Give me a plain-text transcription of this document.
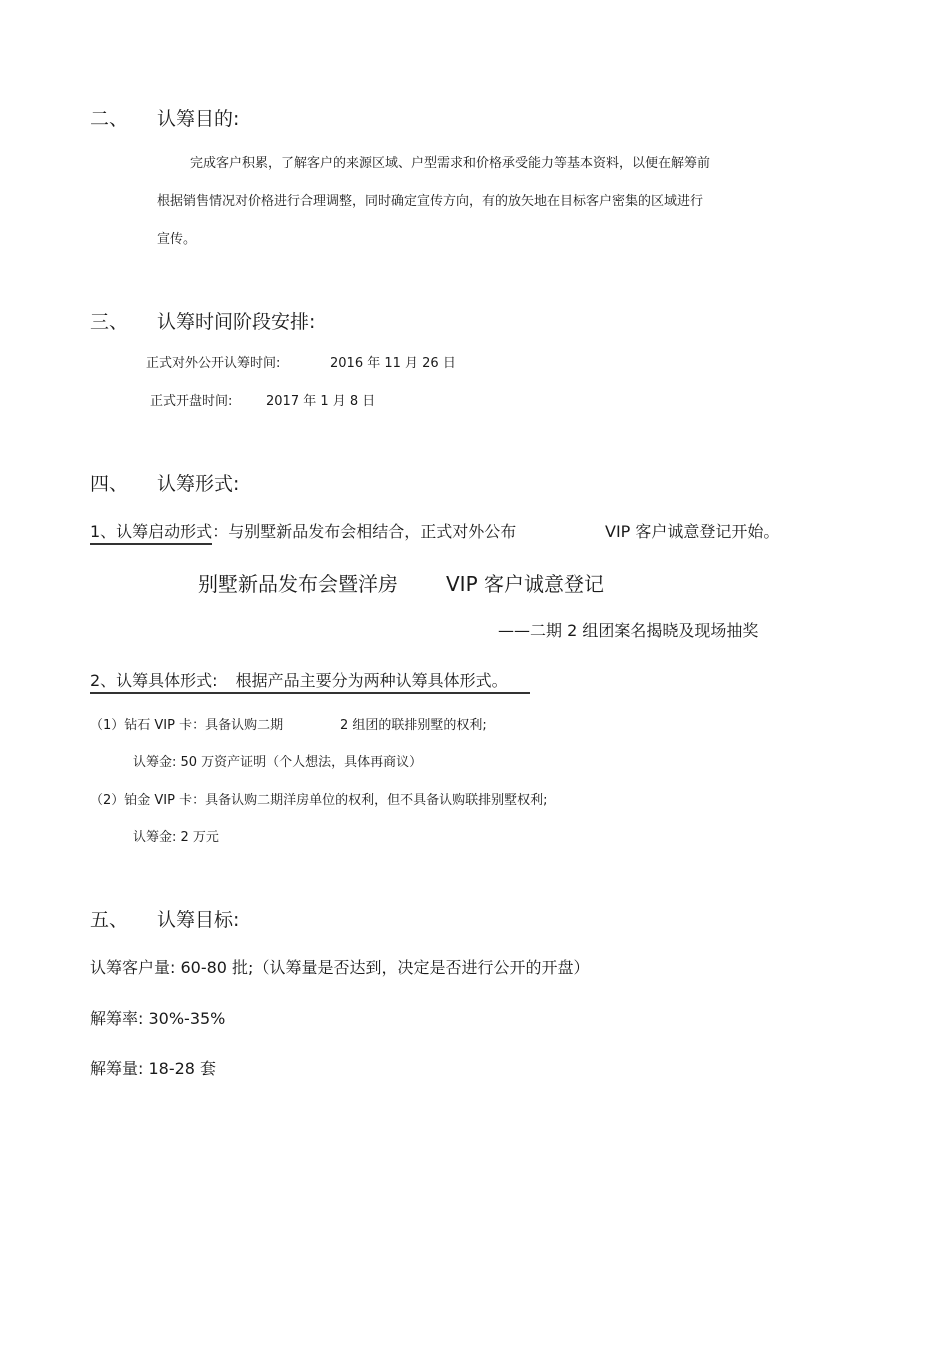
二、 认筹目的:
完成客户积累，了解客户的来源区域、户型需求和价格承受能力等基本资料，以便在解筹前
根据销售情况对价格进行合理调整，同时确定宣传方向，有的放矢地在目标客户密集的区域进行
宣传。
三、 认筹时间阶段安排:
正式对外公开认筹时间:	2016 年 11 月 26 日
正式开盘时间:	2017 年 1 月 8 日
四、 认筹形式:
1、认筹启动形式：与别墅新品发布会相结合，正式对外公布	VIP 客户诚意登记开始。
别墅新品发布会暨洋房 VIP 客户诚意登记
——二期 2 组团案名揭晓及现场抽奖
2、认筹具体形式: 根据产品主要分为两种认筹具体形式。
（1）钻石 VIP 卡：具备认购二期	2 组团的联排别墅的权利;
认筹金: 50 万资产证明（个人想法，具体再商议）
（2）铂金 VIP 卡：具备认购二期洋房单位的权利，但不具备认购联排别墅权利;
认筹金: 2 万元
五、 认筹目标:
认筹客户量: 60-80 批;（认筹量是否达到，决定是否进行公开的开盘）
解筹率: 30%-35%
解筹量: 18-28 套
